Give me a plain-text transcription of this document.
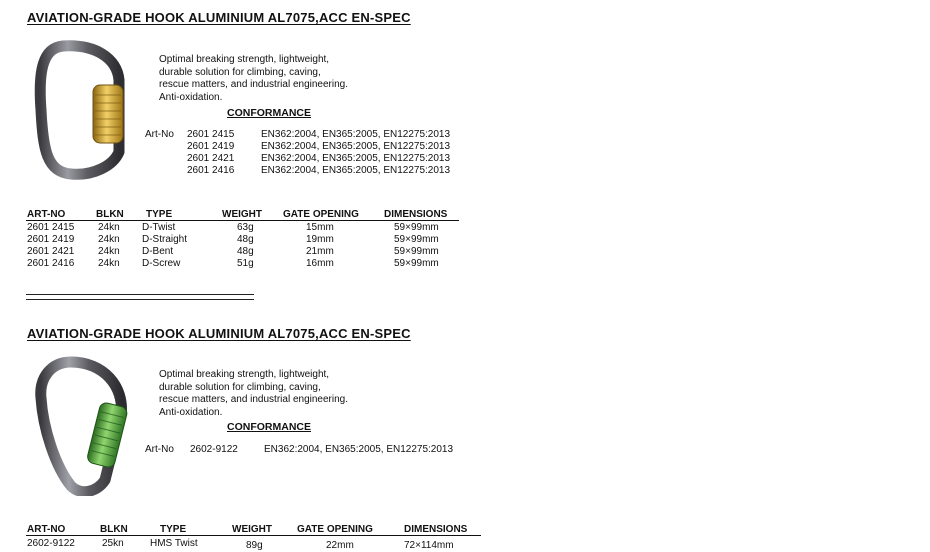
AVIATION-GRADE HOOK ALUMINIUM AL7075,ACC EN-SPEC
Optimal breaking strength, lightweight,
durable solution for climbing, caving,
rescue matters, and industrial engineering.
Anti-oxidation.
CONFORMANCE
Art-No 2601 2415	EN362:2004, EN365:2005, EN12275:2013
2601 2419	EN362:2004, EN365:2005, EN12275:2013
2601 2421	EN362:2004, EN365:2005, EN12275:2013
2601 2416	EN362:2004, EN365:2005, EN12275:2013
ART-NO	BLKN TYPE	WEIGHT GATE OPENING	DIMENSIONS
2601 2415 24kn D-Twist	63g	15mm	59×99mm
2601 2419 24kn D-Straight	48g	19mm	59×99mm
2601 2421 24kn D-Bent	48g	21mm	59×99mm
2601 2416 24kn D-Screw	51g	16mm	59×99mm
AVIATION-GRADE HOOK ALUMINIUM AL7075,ACC EN-SPEC
Optimal breaking strength, lightweight,
durable solution for climbing, caving,
rescue matters, and industrial engineering.
Anti-oxidation.
CONFORMANCE
Art-No 2602-9122	EN362:2004, EN365:2005, EN12275:2013
ART-NO	BLKN	TYPE	WEIGHT	GATE OPENING	DIMENSIONS
2602-9122	25kn	HMS Twist	89g	22mm	72×114mm
